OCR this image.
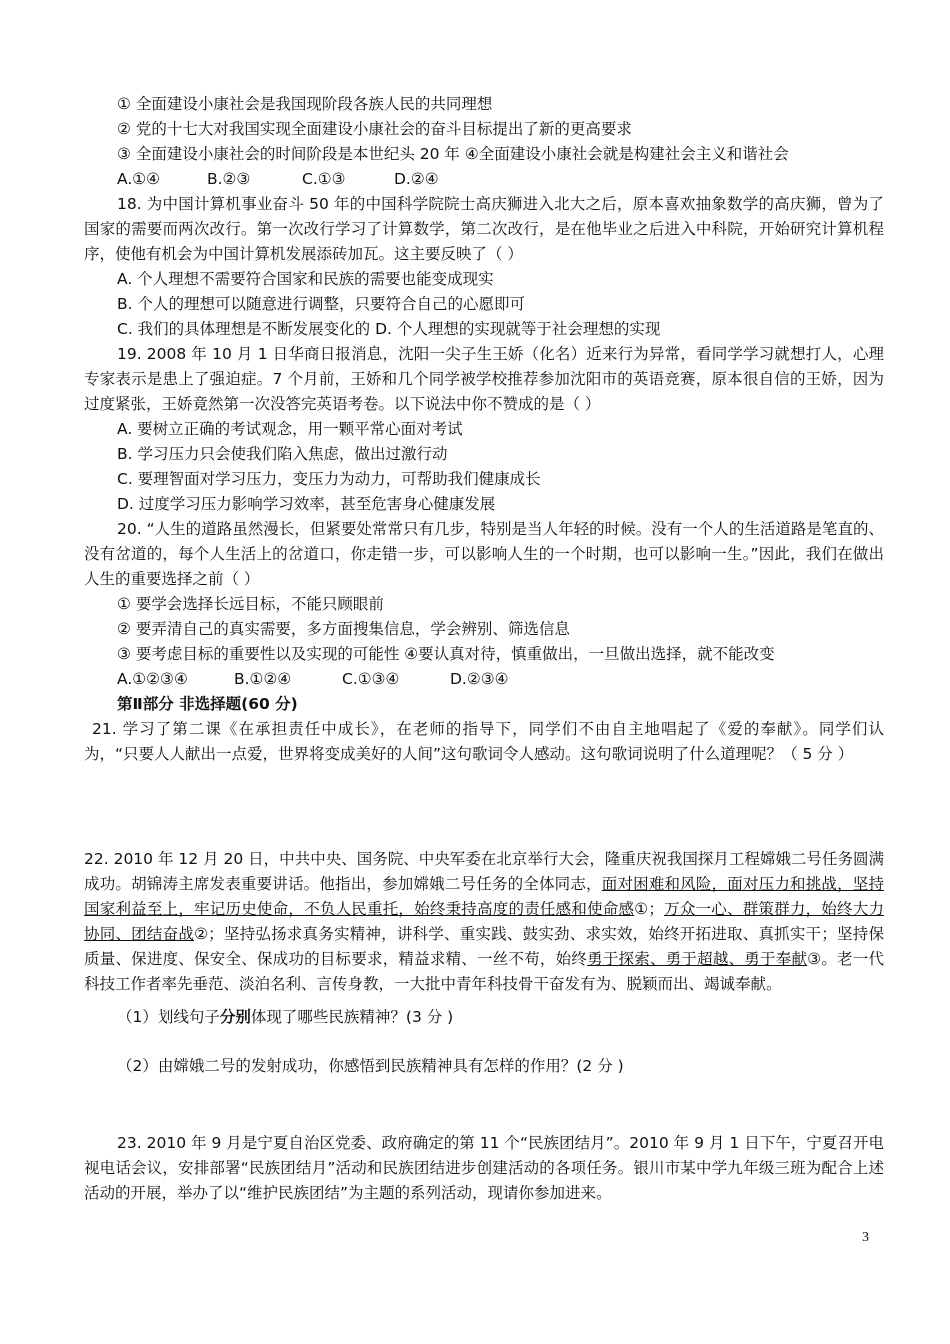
① 全面建设小康社会是我国现阶段各族人民的共同理想
② 党的十七大对我国实现全面建设小康社会的奋斗目标提出了新的更高要求
③ 全面建设小康社会的时间阶段是本世纪头 20 年 ④全面建设小康社会就是构建社会主义和谐社会
A.①④	B.②③	C.①③	D.②④
18. 为中国计算机事业奋斗 50 年的中国科学院院士高庆狮进入北大之后，原本喜欢抽象数学的高庆狮，曾为了国家的需要而两次改行。第一次改行学习了计算数学，第二次改行，是在他毕业之后进入中科院，开始研究计算机程序，使他有机会为中国计算机发展添砖加瓦。这主要反映了（ ）
A. 个人理想不需要符合国家和民族的需要也能变成现实
B. 个人的理想可以随意进行调整，只要符合自己的心愿即可
C. 我们的具体理想是不断发展变化的 D. 个人理想的实现就等于社会理想的实现
19. 2008 年 10 月 1 日华商日报消息，沈阳一尖子生王娇（化名）近来行为异常，看同学学习就想打人，心理专家表示是患上了强迫症。7 个月前，王娇和几个同学被学校推荐参加沈阳市的英语竞赛，原本很自信的王娇，因为过度紧张，王娇竟然第一次没答完英语考卷。以下说法中你不赞成的是（ ）
A. 要树立正确的考试观念，用一颗平常心面对考试
B. 学习压力只会使我们陷入焦虑，做出过激行动
C. 要理智面对学习压力，变压力为动力，可帮助我们健康成长
D. 过度学习压力影响学习效率，甚至危害身心健康发展
20. “人生的道路虽然漫长，但紧要处常常只有几步，特别是当人年轻的时候。没有一个人的生活道路是笔直的、没有岔道的，每个人生活上的岔道口，你走错一步，可以影响人生的一个时期，也可以影响一生。”因此，我们在做出人生的重要选择之前（ ）
① 要学会选择长远目标，不能只顾眼前
② 要弄清自己的真实需要，多方面搜集信息，学会辨别、筛选信息
③ 要考虑目标的重要性以及实现的可能性 ④要认真对待，慎重做出，一旦做出选择，就不能改变
A.①②③④	B.①②④	C.①③④	D.②③④
第Ⅱ部分 非选择题(60 分)
21. 学习了第二课《在承担责任中成长》，在老师的指导下，同学们不由自主地唱起了《爱的奉献》。同学们认为，“只要人人献出一点爱，世界将变成美好的人间”这句歌词令人感动。这句歌词说明了什么道理呢？（ 5 分 ）
22. 2010 年 12 月 20 日，中共中央、国务院、中央军委在北京举行大会，隆重庆祝我国探月工程嫦娥二号任务圆满成功。胡锦涛主席发表重要讲话。他指出，参加嫦娥二号任务的全体同志，面对困难和风险，面对压力和挑战，坚持国家利益至上，牢记历史使命，不负人民重托，始终秉持高度的责任感和使命感①；万众一心、群策群力，始终大力协同、团结奋战②；坚持弘扬求真务实精神，讲科学、重实践、鼓实劲、求实效，始终开拓进取、真抓实干；坚持保质量、保进度、保安全、保成功的目标要求，精益求精、一丝不苟，始终勇于探索、勇于超越、勇于奉献③。老一代科技工作者率先垂范、淡泊名利、言传身教，一大批中青年科技骨干奋发有为、脱颖而出、竭诚奉献。
（1）划线句子分别体现了哪些民族精神？(3 分 )
（2）由嫦娥二号的发射成功，你感悟到民族精神具有怎样的作用？(2 分 )
23. 2010 年 9 月是宁夏自治区党委、政府确定的第 11 个“民族团结月”。2010 年 9 月 1 日下午，宁夏召开电视电话会议，安排部署“民族团结月”活动和民族团结进步创建活动的各项任务。银川市某中学九年级三班为配合上述活动的开展，举办了以“维护民族团结”为主题的系列活动，现请你参加进来。
3
